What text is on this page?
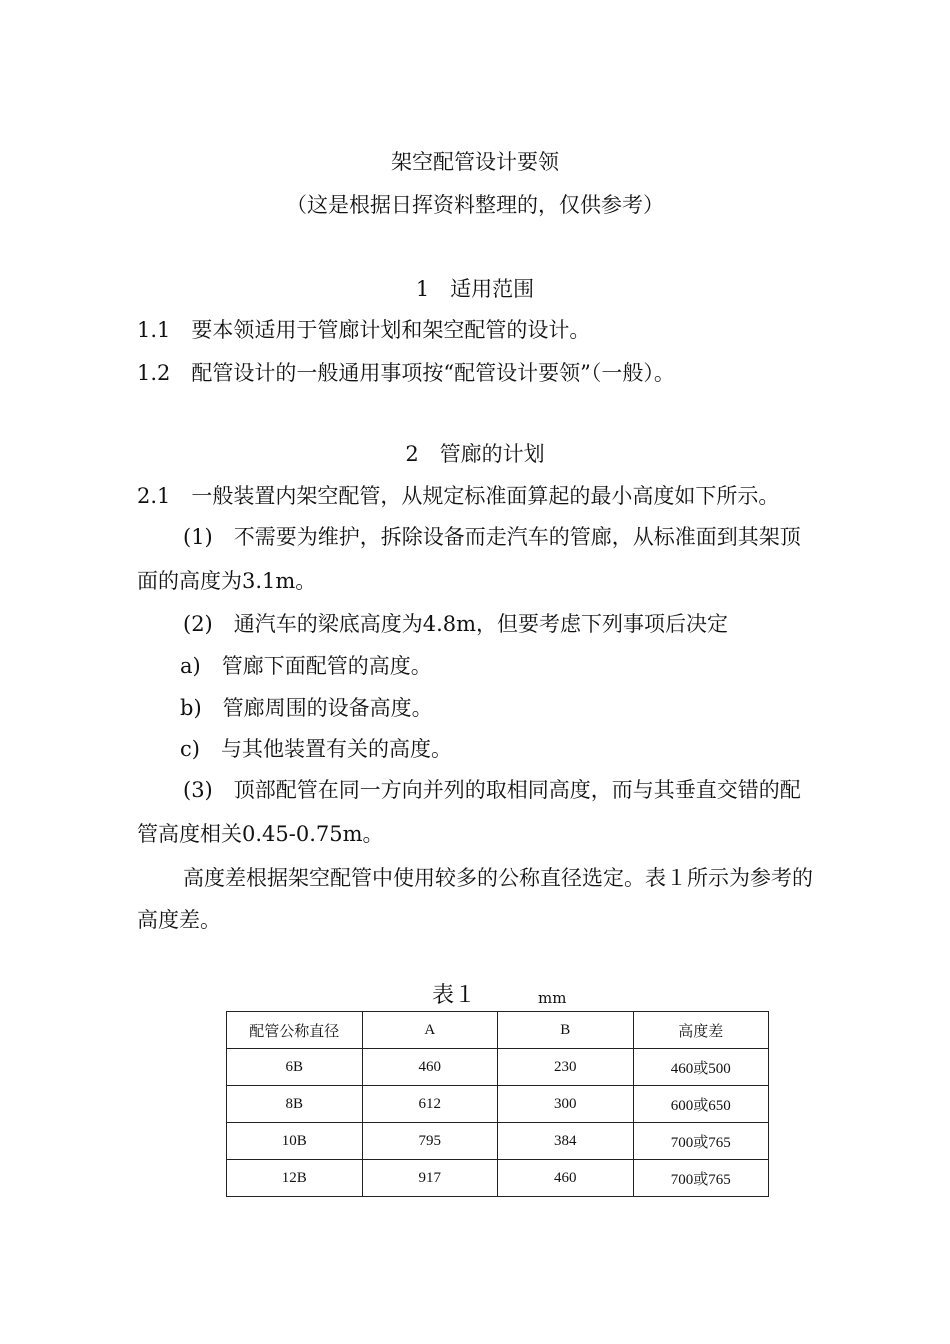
架空配管设计要领
（这是根据日挥资料整理的，仅供参考）
1　适用范围
1.1　要本领适用于管廊计划和架空配管的设计。
1.2　配管设计的一般通用事项按“配管设计要领”（一般）。
2　管廊的计划
2.1　一般装置内架空配管，从规定标准面算起的最小高度如下所示。
(1)　不需要为维护，拆除设备而走汽车的管廊，从标准面到其架顶
面的高度为3.1m。
(2)　通汽车的梁底高度为4.8m，但要考虑下列事项后决定
a)　管廊下面配管的高度。
b)　管廊周围的设备高度。
c)　与其他装置有关的高度。
(3)　顶部配管在同一方向并列的取相同高度，而与其垂直交错的配
管高度相关0.45-0.75m。
高度差根据架空配管中使用较多的公称直径选定。表１所示为参考的
高度差。
表１	mm
配管公称直径	A	B	高度差
6B	460	230	460或500
8B	612	300	600或650
10B	795	384	700或765
12B	917	460	700或765
